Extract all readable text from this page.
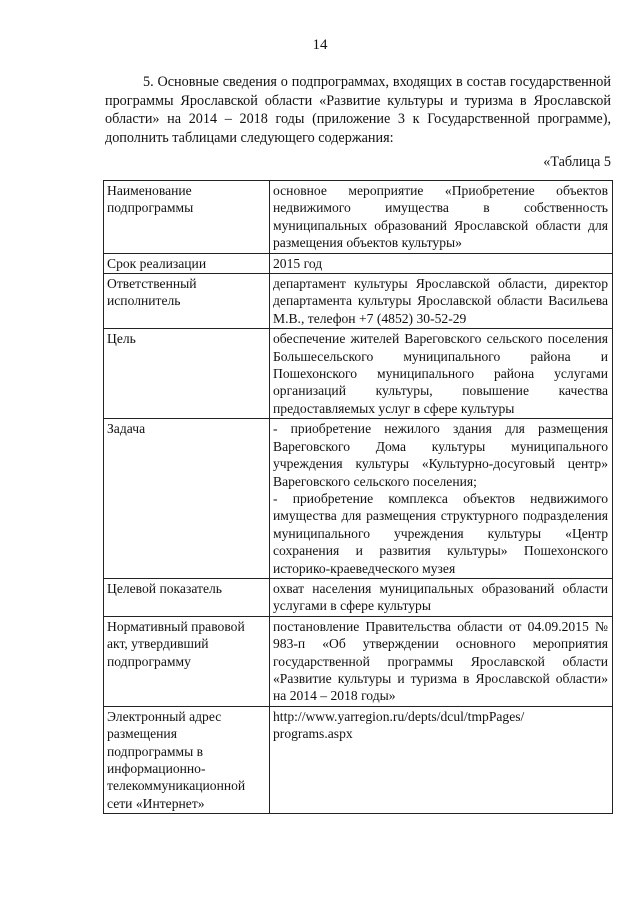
14

5. Основные сведения о подпрограммах, входящих в состав государственной программы Ярославской области «Развитие культуры и туризма в Ярославской области» на 2014 – 2018 годы (приложение 3 к Государственной программе), дополнить таблицами следующего содержания:

«Таблица 5
Наименование подпрограммы	основное мероприятие «Приобретение объектов недвижимого имущества в собственность муниципальных образований Ярославской области для размещения объектов культуры»

Срок реализации	2015 год

Ответственный исполнитель	департамент культуры Ярославской области, директор департамента культуры Ярославской области Васильева М.В., телефон +7 (4852) 30-52-29

Цель	обеспечение жителей Вареговского сельского поселения Большесельского муниципального района и Пошехонского муниципального района услугами организаций культуры, повышение качества предоставляемых услуг в сфере культуры

Задача	- приобретение нежилого здания для размещения Вареговского Дома культуры муниципального учреждения культуры «Культурно-досуговый центр» Вареговского сельского поселения;
- приобретение комплекса объектов недвижимого имущества для размещения структурного подразделения муниципального учреждения культуры «Центр сохранения и развития культуры» Пошехонского историко-краеведческого музея

Целевой показатель	охват населения муниципальных образований области услугами в сфере культуры

Нормативный правовой акт, утвердивший подпрограмму	постановление Правительства области от 04.09.2015 № 983-п «Об утверждении основного мероприятия государственной программы Ярославской области «Развитие культуры и туризма в Ярославской области» на 2014 – 2018 годы»

Электронный адрес размещения подпрограммы в информационно-телекоммуникационной сети «Интернет»	http://www.yarregion.ru/depts/dcul/tmpPages/
programs.aspx
